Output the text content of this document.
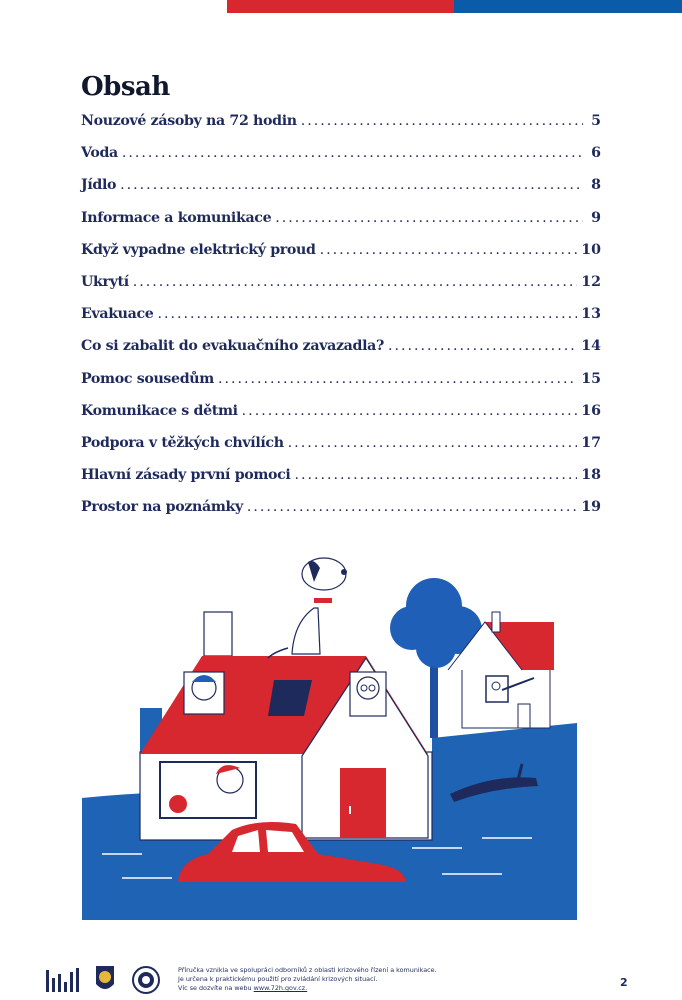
Obsah
Nouzové zásoby na 72 hodin .....	5
Voda .....	6
Jídlo .....	8
Informace a komunikace .....	9
Když vypadne elektrický proud .....	10
Ukrytí .....	12
Evakuace .....	13
Co si zabalit do evakuačního zavazadla? .....	14
Pomoc sousedům .....	15
Komunikace s dětmi .....	16
Podpora v těžkých chvílích .....	17
Hlavní zásady první pomoci .....	18
Prostor na poznámky .....	19
Příručka vznikla ve spolupráci odborníků z oblasti krizového řízení a komunikace.
Je určena k praktickému použití pro zvládání krizových situací.
Víc se dozvíte na webu www.72h.gov.cz.	2
